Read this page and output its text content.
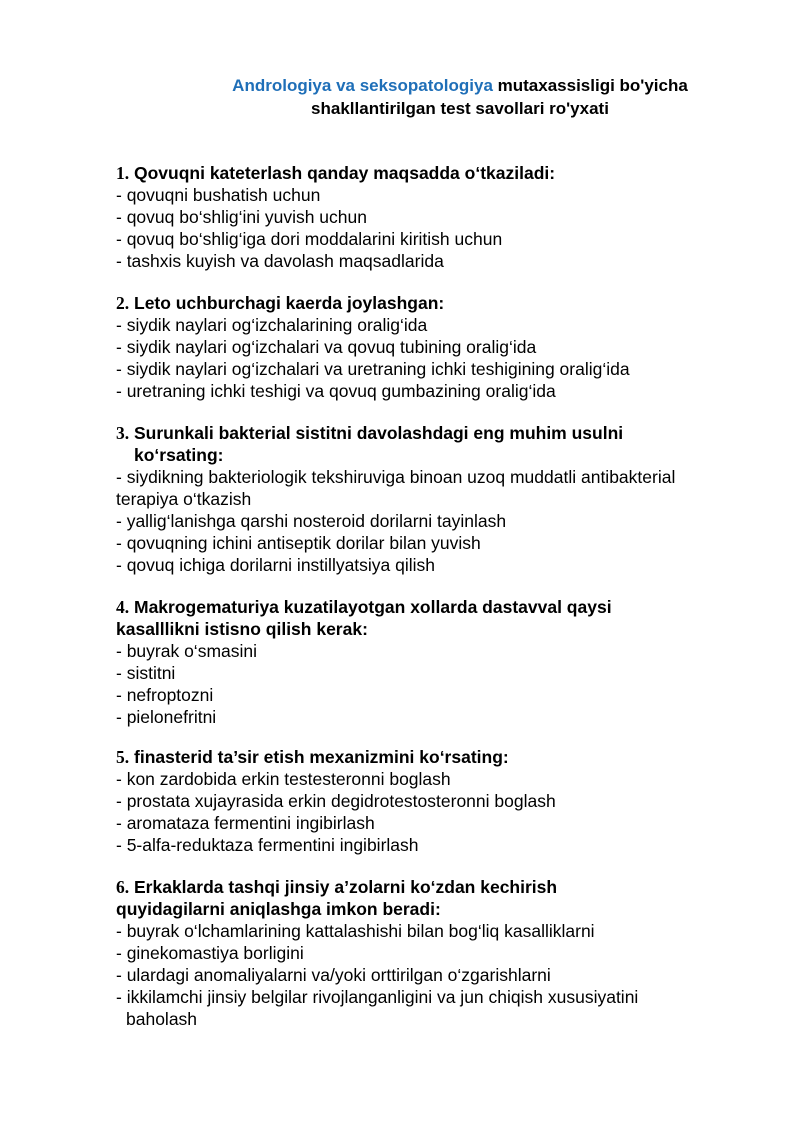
Andrologiya va seksopatologiya mutaxassisligi bo'yicha
shakllantirilgan test savollari ro'yxati

1. Qovuqni kateterlash qanday maqsadda o‘tkaziladi:

- qovuqni bushatish uchun
- qovuq bo‘shlig‘ini yuvish uchun
- qovuq bo‘shlig‘iga dori moddalarini kiritish uchun
- tashxis kuyish va davolash maqsadlarida

2. Leto uchburchagi kaerda joylashgan:

- siydik naylari og‘izchalarining oralig‘ida
- siydik naylari og‘izchalari va qovuq tubining oralig‘ida
- siydik naylari og‘izchalari va uretraning ichki teshigining oralig‘ida
- uretraning ichki teshigi va qovuq gumbazining oralig‘ida

3. Surunkali bakterial sistitni davolashdagi eng muhim usulni
ko‘rsating:

- siydikning bakteriologik tekshiruviga binoan uzoq muddatli antibakterial
terapiya o‘tkazish
- yallig‘lanishga qarshi nosteroid dorilarni tayinlash
- qovuqning ichini antiseptik dorilar bilan yuvish
- qovuq ichiga dorilarni instillyatsiya qilish

4. Makrogematuriya kuzatilayotgan xollarda dastavval qaysi
kasalllikni istisno qilish kerak:

- buyrak o‘smasini
- sistitni
- nefroptozni
- pielonefritni

5. finasterid ta’sir etish mexanizmini ko‘rsating:

- kon zardobida erkin testesteronni boglash
- prostata xujayrasida erkin degidrotestosteronni boglash
- aromataza fermentini ingibirlash
- 5-alfa-reduktaza fermentini ingibirlash

6. Erkaklarda tashqi jinsiy a’zolarni ko‘zdan kechirish
quyidagilarni aniqlashga imkon beradi:

- buyrak o‘lchamlarining kattalashishi bilan bog‘liq kasalliklarni
- ginekomastiya borligini
- ulardagi anomaliyalarni va/yoki orttirilgan o‘zgarishlarni
- ikkilamchi jinsiy belgilar rivojlanganligini va jun chiqish xususiyatini
baholash
